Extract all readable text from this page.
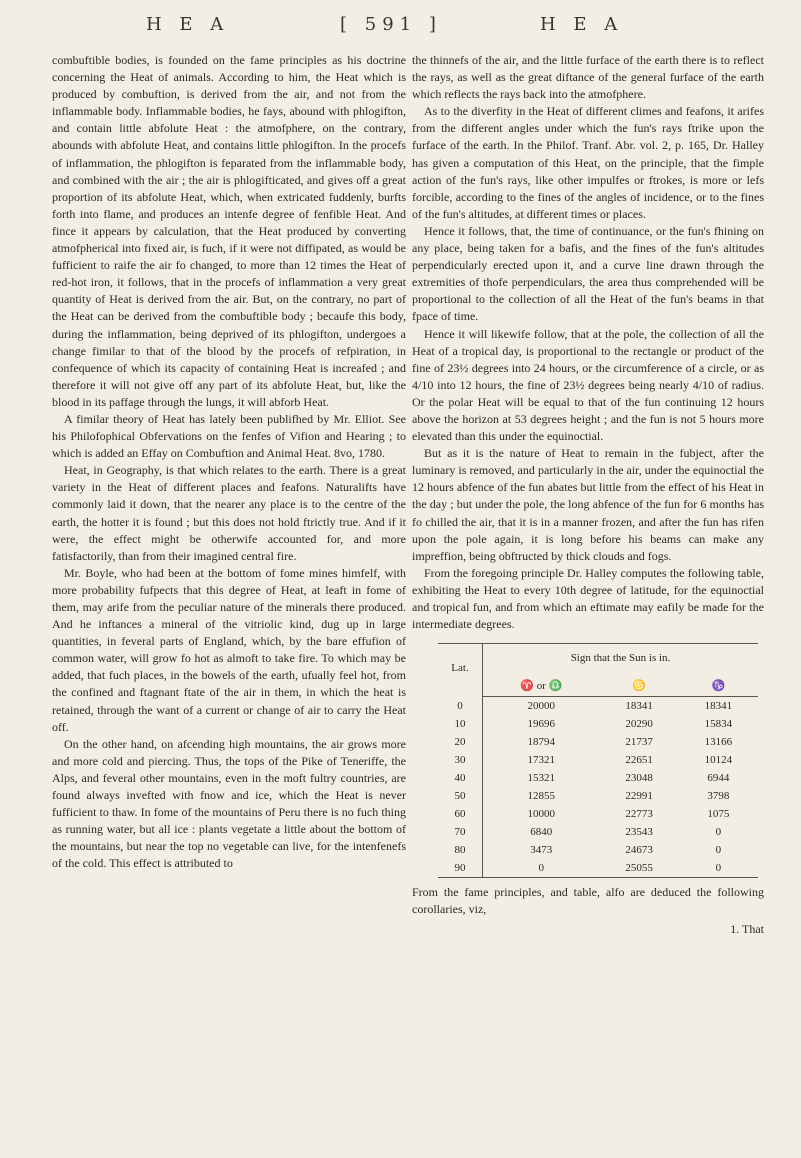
H E A	[ 591 ]	H E A

combuftible bodies, is founded on the fame principles as his doctrine concerning the Heat of animals. According to him, the Heat which is produced by combuftion, is derived from the air, and not from the inflammable body. Inflammable bodies, he fays, abound with phlogifton, and contain little abfolute Heat : the atmofphere, on the contrary, abounds with abfolute Heat, and contains little phlogifton. In the procefs of inflammation, the phlogifton is feparated from the inflammable body, and combined with the air ; the air is phlogifticated, and gives off a great proportion of its abfolute Heat, which, when extricated fuddenly, burfts forth into flame, and produces an intenfe degree of fenfible Heat. And fince it appears by calculation, that the Heat produced by converting atmofpherical into fixed air, is fuch, if it were not diffipated, as would be fufficient to raife the air fo changed, to more than 12 times the Heat of red-hot iron, it follows, that in the procefs of inflammation a very great quantity of Heat is derived from the air. But, on the contrary, no part of the Heat can be derived from the combuftible body ; becaufe this body, during the inflammation, being deprived of its phlogifton, undergoes a change fimilar to that of the blood by the procefs of refpiration, in confequence of which its capacity of containing Heat is increafed ; and therefore it will not give off any part of its abfolute Heat, but, like the blood in its paffage through the lungs, it will abforb Heat.

A fimilar theory of Heat has lately been publifhed by Mr. Elliot. See his Philofophical Obfervations on the fenfes of Vifion and Hearing ; to which is added an Effay on Combuftion and Animal Heat. 8vo, 1780.

Heat, in Geography, is that which relates to the earth. There is a great variety in the Heat of different places and feafons. Naturalifts have commonly laid it down, that the nearer any place is to the centre of the earth, the hotter it is found ; but this does not hold ftrictly true. And if it were, the effect might be otherwife accounted for, and more fatisfactorily, than from their imagined central fire.

Mr. Boyle, who had been at the bottom of fome mines himfelf, with more probability fufpects that this degree of Heat, at leaft in fome of them, may arife from the peculiar nature of the minerals there produced. And he inftances a mineral of the vitriolic kind, dug up in large quantities, in feveral parts of England, which, by the bare effufion of common water, will grow fo hot as almoft to take fire. To which may be added, that fuch places, in the bowels of the earth, ufually feel hot, from the confined and ftagnant ftate of the air in them, in which the heat is retained, through the want of a current or change of air to carry the Heat off.

On the other hand, on afcending high mountains, the air grows more and more cold and piercing. Thus, the tops of the Pike of Teneriffe, the Alps, and feveral other mountains, even in the moft fultry countries, are found always invefted with fnow and ice, which the Heat is never fufficient to thaw. In fome of the mountains of Peru there is no fuch thing as running water, but all ice : plants vegetate a little about the bottom of the mountains, but near the top no vegetable can live, for the intenfenefs of the cold. This effect is attributed to

the thinnefs of the air, and the little furface of the earth there is to reflect the rays, as well as the great diftance of the general furface of the earth which reflects the rays back into the atmofphere.

As to the diverfity in the Heat of different climes and feafons, it arifes from the different angles under which the fun's rays ftrike upon the furface of the earth. In the Philof. Tranf. Abr. vol. 2, p. 165, Dr. Halley has given a computation of this Heat, on the principle, that the fimple action of the fun's rays, like other impulfes or ftrokes, is more or lefs forcible, according to the fines of the angles of incidence, or to the fines of the fun's altitudes, at different times or places.

Hence it follows, that, the time of continuance, or the fun's fhining on any place, being taken for a bafis, and the fines of the fun's altitudes perpendicularly erected upon it, and a curve line drawn through the extremities of thofe perpendiculars, the area thus comprehended will be proportional to the collection of all the Heat of the fun's beams in that fpace of time.

Hence it will likewife follow, that at the pole, the collection of all the Heat of a tropical day, is proportional to the rectangle or product of the fine of 23½ degrees into 24 hours, or the circumference of a circle, or as 4/10 into 12 hours, the fine of 23½ degrees being nearly 4/10 of radius. Or the polar Heat will be equal to that of the fun continuing 12 hours above the horizon at 53 degrees height ; and the fun is not 5 hours more elevated than this under the equinoctial.

But as it is the nature of Heat to remain in the fubject, after the luminary is removed, and particularly in the air, under the equinoctial the 12 hours abfence of the fun abates but little from the effect of his Heat in the day ; but under the pole, the long abfence of the fun for 6 months has fo chilled the air, that it is in a manner frozen, and after the fun has rifen upon the pole again, it is long before his beams can make any impreffion, being obftructed by thick clouds and fogs.

From the foregoing principle Dr. Halley computes the following table, exhibiting the Heat to every 10th degree of latitude, for the equinoctial and tropical fun, and from which an eftimate may eafily be made for the intermediate degrees.

Lat.	Sign that the Sun is in.		
	♈ or ♎	♋	♑
0	20000	18341	18341
10	19696	20290	15834
20	18794	21737	13166
30	17321	22651	10124
40	15321	23048	6944
50	12855	22991	3798
60	10000	22773	1075
70	6840	23543	0
80	3473	24673	0
90	0	25055	0

From the fame principles, and table, alfo are deduced the following corollaries, viz,

1. That
